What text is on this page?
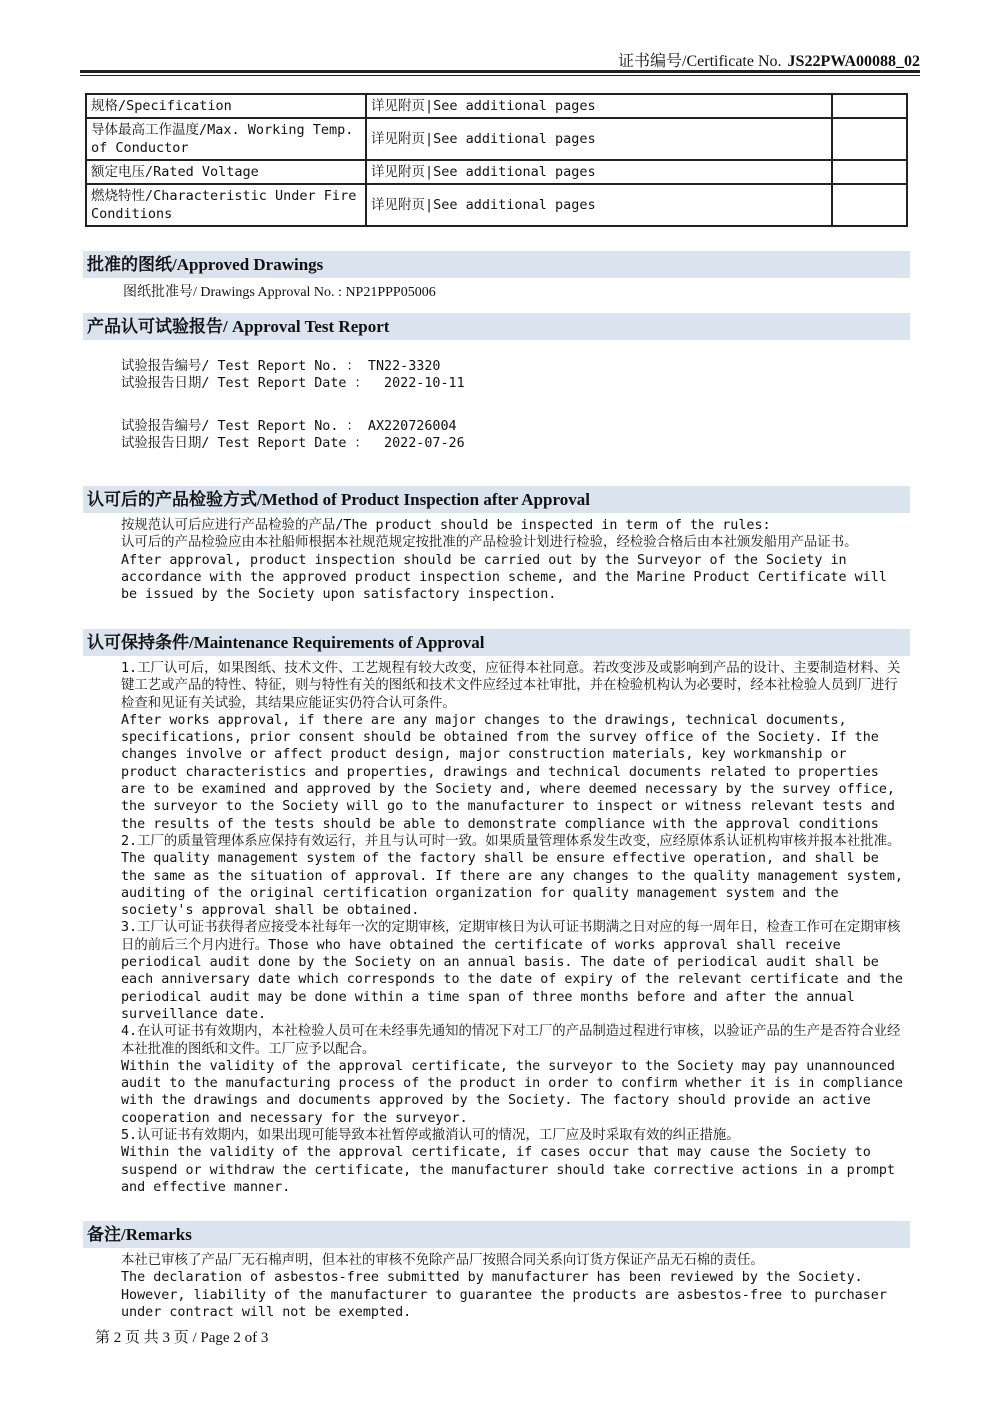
证书编号/Certificate No. JS22PWA00088_02
规格/Specification	详见附页|See additional pages	
导体最高工作温度/Max. Working Temp. of Conductor	详见附页|See additional pages	
额定电压/Rated Voltage	详见附页|See additional pages	
燃烧特性/Characteristic Under Fire Conditions	详见附页|See additional pages	
批准的图纸/Approved Drawings
图纸批准号/ Drawings Approval No. : NP21PPP05006
产品认可试验报告/ Approval Test Report
试验报告编号/ Test Report No. ： TN22-3320
试验报告日期/ Test Report Date ： 2022-10-11
试验报告编号/ Test Report No. ： AX220726004
试验报告日期/ Test Report Date ： 2022-07-26
认可后的产品检验方式/Method of Product Inspection after Approval
按规范认可后应进行产品检验的产品/The product should be inspected in term of the rules:
认可后的产品检验应由本社船师根据本社规范规定按批准的产品检验计划进行检验，经检验合格后由本社颁发船用产品证书。
After approval, product inspection should be carried out by the Surveyor of the Society in accordance with the approved product inspection scheme, and the Marine Product Certificate will be issued by the Society upon satisfactory inspection.
认可保持条件/Maintenance Requirements of Approval
1.工厂认可后，如果图纸、技术文件、工艺规程有较大改变，应征得本社同意。若改变涉及或影响到产品的设计、主要制造材料、关键工艺或产品的特性、特征，则与特性有关的图纸和技术文件应经过本社审批，并在检验机构认为必要时，经本社检验人员到厂进行检查和见证有关试验，其结果应能证实仍符合认可条件。
After works approval, if there are any major changes to the drawings, technical documents, specifications, prior consent should be obtained from the survey office of the Society. If the changes involve or affect product design, major construction materials, key workmanship or product characteristics and properties, drawings and technical documents related to properties are to be examined and approved by the Society and, where deemed necessary by the survey office, the surveyor to the Society will go to the manufacturer to inspect or witness relevant tests and the results of the tests should be able to demonstrate compliance with the approval conditions
2.工厂的质量管理体系应保持有效运行，并且与认可时一致。如果质量管理体系发生改变，应经原体系认证机构审核并报本社批准。
The quality management system of the factory shall be ensure effective operation, and shall be the same as the situation of approval. If there are any changes to the quality management system, auditing of the original certification organization for quality management system and the society's approval shall be obtained.
3.工厂认可证书获得者应接受本社每年一次的定期审核，定期审核日为认可证书期满之日对应的每一周年日，检查工作可在定期审核日的前后三个月内进行。Those who have obtained the certificate of works approval shall receive periodical audit done by the Society on an annual basis. The date of periodical audit shall be each anniversary date which corresponds to the date of expiry of the relevant certificate and the periodical audit may be done within a time span of three months before and after the annual surveillance date.
4.在认可证书有效期内，本社检验人员可在未经事先通知的情况下对工厂的产品制造过程进行审核，以验证产品的生产是否符合业经本社批准的图纸和文件。工厂应予以配合。
Within the validity of the approval certificate, the surveyor to the Society may pay unannounced audit to the manufacturing process of the product in order to confirm whether it is in compliance with the drawings and documents approved by the Society. The factory should provide an active cooperation and necessary for the surveyor.
5.认可证书有效期内，如果出现可能导致本社暂停或撤消认可的情况，工厂应及时采取有效的纠正措施。
Within the validity of the approval certificate, if cases occur that may cause the Society to suspend or withdraw the certificate, the manufacturer should take corrective actions in a prompt and effective manner.
备注/Remarks
本社已审核了产品厂无石棉声明，但本社的审核不免除产品厂按照合同关系向订货方保证产品无石棉的责任。
The declaration of asbestos-free submitted by manufacturer has been reviewed by the Society. However, liability of the manufacturer to guarantee the products are asbestos-free to purchaser under contract will not be exempted.
第 2 页 共 3 页 / Page 2 of 3
